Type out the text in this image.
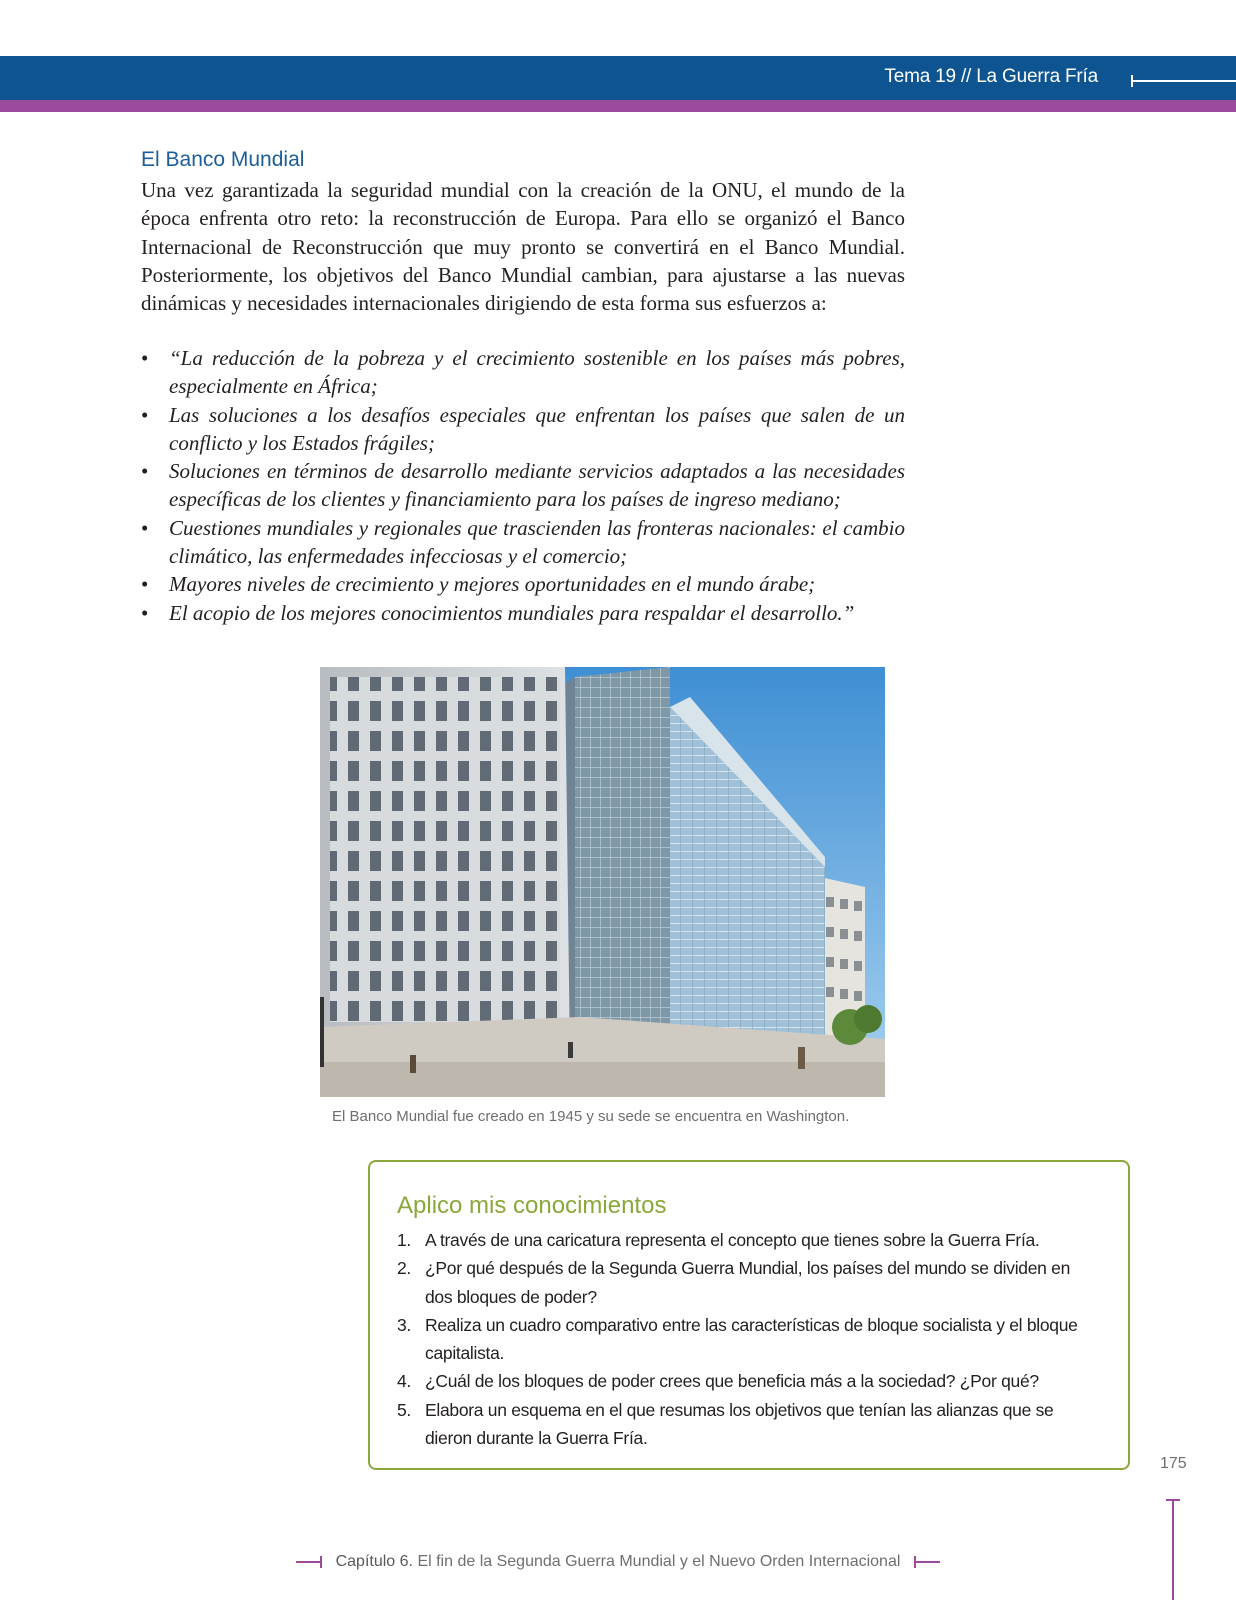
Tema 19 // La Guerra Fría
El Banco Mundial

Una vez garantizada la seguridad mundial con la creación de la ONU, el mundo de la época enfrenta otro reto: la reconstrucción de Europa. Para ello se organizó el Banco Internacional de Reconstrucción que muy pronto se convertirá en el Banco Mundial. Posteriormente, los objetivos del Banco Mundial cambian, para ajustarse a las nuevas dinámicas y necesidades internacionales dirigiendo de esta forma sus esfuerzos a:

• “La reducción de la pobreza y el crecimiento sostenible en los países más pobres, especialmente en África;
• Las soluciones a los desafíos especiales que enfrentan los países que salen de un conflicto y los Estados frágiles;
• Soluciones en términos de desarrollo mediante servicios adaptados a las necesidades específicas de los clientes y financiamiento para los países de ingreso mediano;
• Cuestiones mundiales y regionales que trascienden las fronteras nacionales: el cambio climático, las enfermedades infecciosas y el comercio;
• Mayores niveles de crecimiento y mejores oportunidades en el mundo árabe;
• El acopio de los mejores conocimientos mundiales para respaldar el desarrollo.”
El Banco Mundial fue creado en 1945 y su sede se encuentra en Washington.
Aplico mis conocimientos
1. A través de una caricatura representa el concepto que tienes sobre la Guerra Fría.
2. ¿Por qué después de la Segunda Guerra Mundial, los países del mundo se dividen en dos bloques de poder?
3. Realiza un cuadro comparativo entre las características de bloque socialista y el bloque capitalista.
4. ¿Cuál de los bloques de poder crees que beneficia más a la sociedad? ¿Por qué?
5. Elabora un esquema en el que resumas los objetivos que tenían las alianzas que se dieron durante la Guerra Fría.
175
Capítulo 6. El fin de la Segunda Guerra Mundial y el Nuevo Orden Internacional
